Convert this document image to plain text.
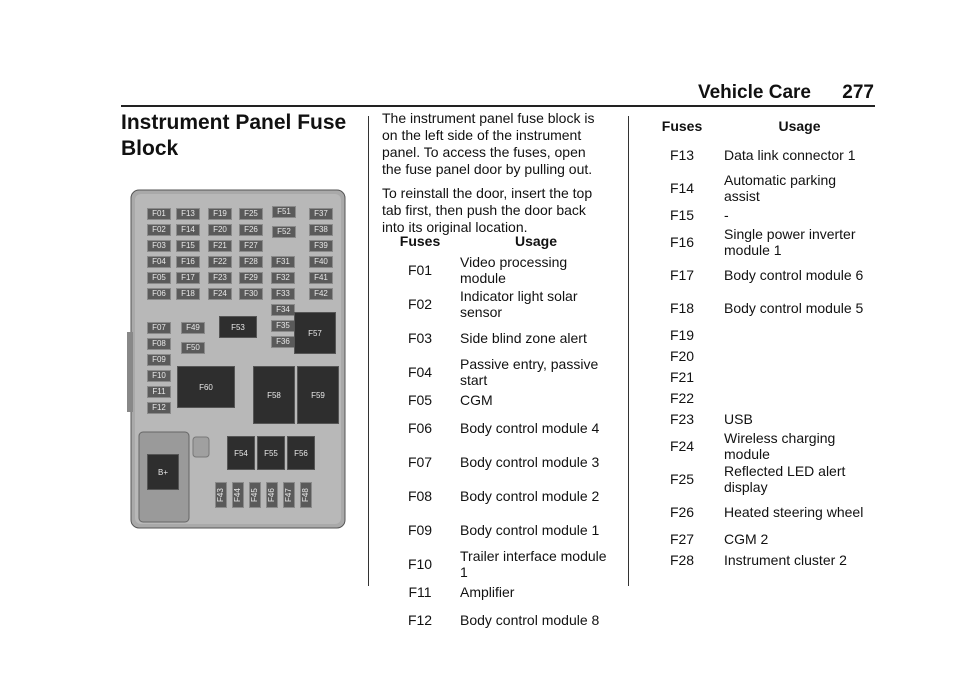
Vehicle Care 277
Instrument Panel Fuse Block
F01	F13	F19	F25	F51	F37
F02	F14	F20	F26	F52	F38
F03	F15	F21	F27	F39
F04	F16	F22	F28	F31	F40
F05	F17	F23	F29	F32	F41
F06	F18	F24	F30	F33	F42
F34
F07	F49	F35
F08	F50
F36
F09
F10
F11
F12
F53
F57
F60
F58	F59
F54	F55	F56
B+
F43 F44 F45 F46 F47 F48

The instrument panel fuse block is on the left side of the instrument panel. To access the fuses, open the fuse panel door by pulling out.

To reinstall the door, insert the top tab first, then push the door back into its original location.

Fuses	Usage
F01	Video processing module
F02	Indicator light solar sensor
F03	Side blind zone alert
F04	Passive entry, passive start
F05	CGM
F06	Body control module 4
F07	Body control module 3
F08	Body control module 2
F09	Body control module 1
F10	Trailer interface module 1
F11	Amplifier
F12	Body control module 8
Fuses	Usage
F13	Data link connector 1
F14	Automatic parking assist
F15	-
F16	Single power inverter module 1
F17	Body control module 6
F18	Body control module 5
F19	
F20	
F21	
F22	
F23	USB
F24	Wireless charging module
F25	Reflected LED alert display
F26	Heated steering wheel
F27	CGM 2
F28	Instrument cluster 2
